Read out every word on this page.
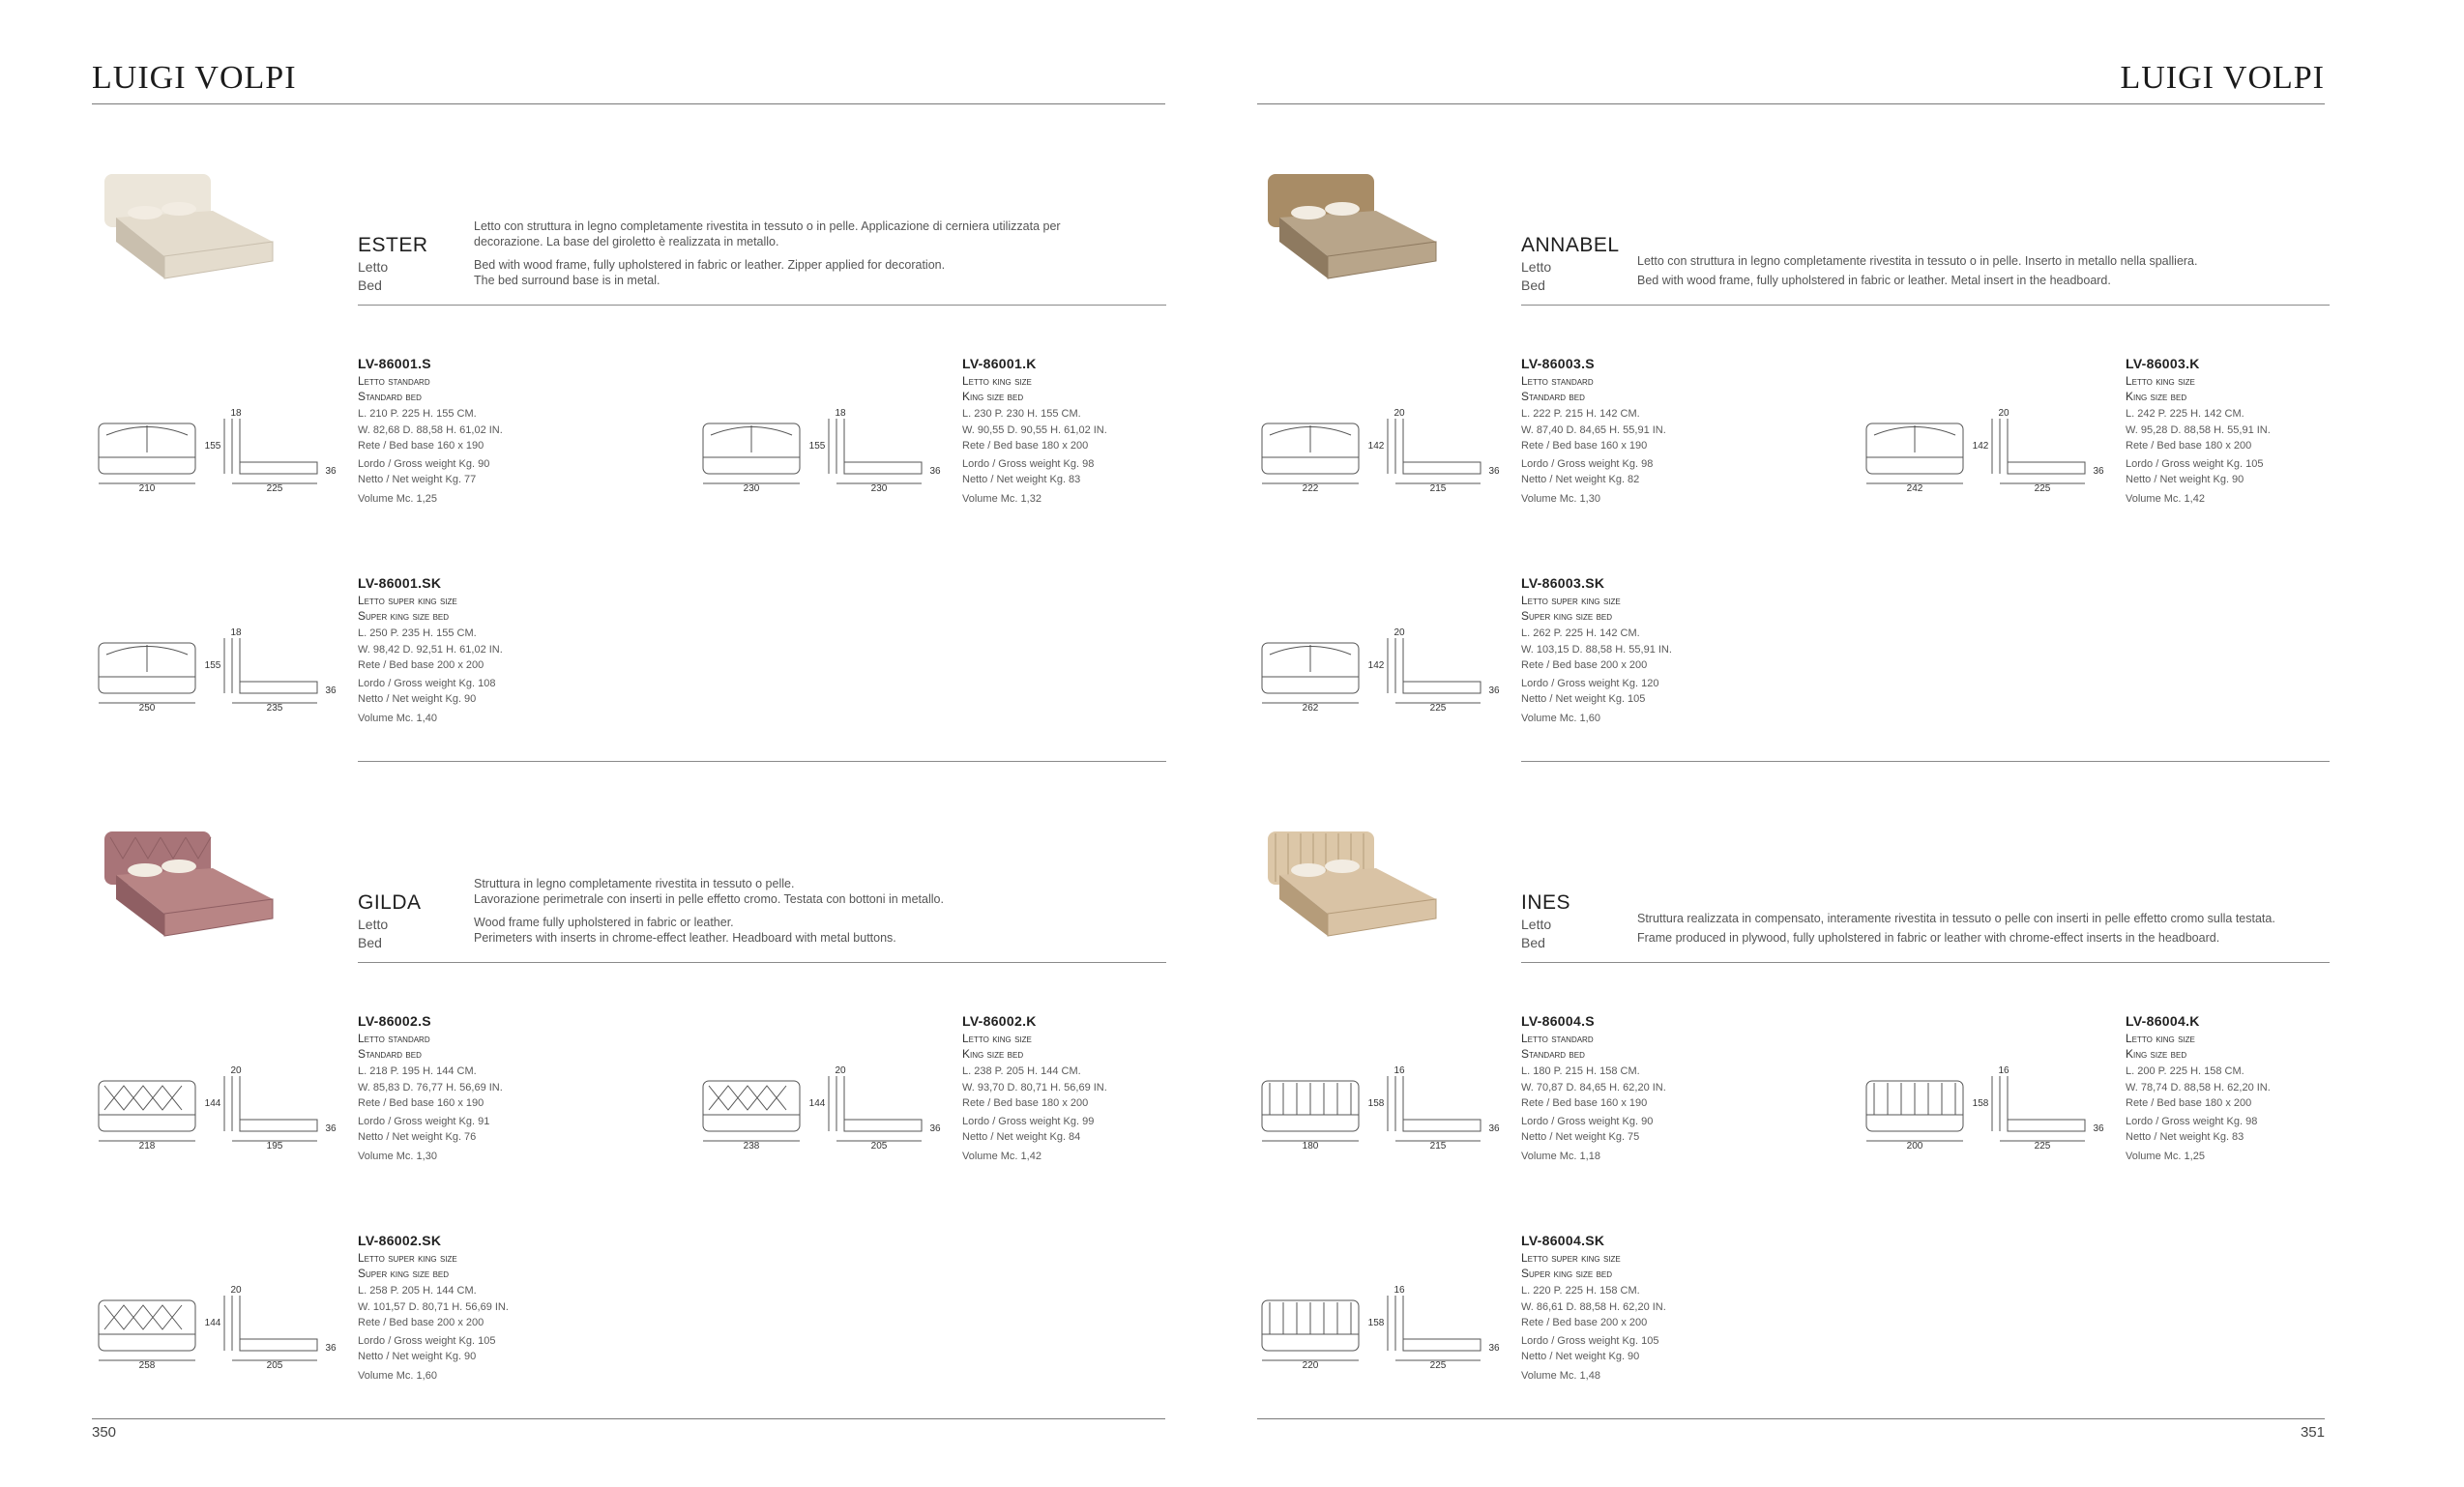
LUIGI VOLPI
350
LUIGI VOLPI
351
ESTER
Letto
Bed
Letto con struttura in legno completamente rivestita in tessuto o in pelle. Applicazione di cerniera utilizzata per
decorazione. La base del giroletto è realizzata in metallo.
Bed with wood frame, fully upholstered in fabric or leather. Zipper applied for decoration.
The bed surround base is in metal.
LV-86001.S
Letto standard
Standard bed
L. 210 P. 225 H. 155 CM.
W. 82,68 D. 88,58 H. 61,02 IN.
Rete / Bed base 160 x 190
Lordo / Gross weight Kg. 90
Netto / Net weight Kg. 77
Volume Mc. 1,25
210
155
18
225
36
LV-86001.K
Letto king size
King size bed
L. 230 P. 230 H. 155 CM.
W. 90,55 D. 90,55 H. 61,02 IN.
Rete / Bed base 180 x 200
Lordo / Gross weight Kg. 98
Netto / Net weight Kg. 83
Volume Mc. 1,32
230
155
18
230
36
LV-86001.SK
Letto super king size
Super king size bed
L. 250 P. 235 H. 155 CM.
W. 98,42 D. 92,51 H. 61,02 IN.
Rete / Bed base 200 x 200
Lordo / Gross weight Kg. 108
Netto / Net weight Kg. 90
Volume Mc. 1,40
250
155
18
235
36
ANNABEL
Letto
Bed
Letto con struttura in legno completamente rivestita in tessuto o in pelle. Inserto in metallo nella spalliera.
Bed with wood frame, fully upholstered in fabric or leather. Metal insert in the headboard.
LV-86003.S
Letto standard
Standard bed
L. 222 P. 215 H. 142 CM.
W. 87,40 D. 84,65 H. 55,91 IN.
Rete / Bed base 160 x 190
Lordo / Gross weight Kg. 98
Netto / Net weight Kg. 82
Volume Mc. 1,30
222
142
20
215
36
LV-86003.K
Letto king size
King size bed
L. 242 P. 225 H. 142 CM.
W. 95,28 D. 88,58 H. 55,91 IN.
Rete / Bed base 180 x 200
Lordo / Gross weight Kg. 105
Netto / Net weight Kg. 90
Volume Mc. 1,42
242
142
20
225
36
LV-86003.SK
Letto super king size
Super king size bed
L. 262 P. 225 H. 142 CM.
W. 103,15 D. 88,58 H. 55,91 IN.
Rete / Bed base 200 x 200
Lordo / Gross weight Kg. 120
Netto / Net weight Kg. 105
Volume Mc. 1,60
262
142
20
225
36
GILDA
Letto
Bed
Struttura in legno completamente rivestita in tessuto o pelle.
Lavorazione perimetrale con inserti in pelle effetto cromo. Testata con bottoni in metallo.
Wood frame fully upholstered in fabric or leather.
Perimeters with inserts in chrome-effect leather. Headboard with metal buttons.
LV-86002.S
Letto standard
Standard bed
L. 218 P. 195 H. 144 CM.
W. 85,83 D. 76,77 H. 56,69 IN.
Rete / Bed base 160 x 190
Lordo / Gross weight Kg. 91
Netto / Net weight Kg. 76
Volume Mc. 1,30
218
144
20
195
36
LV-86002.K
Letto king size
King size bed
L. 238 P. 205 H. 144 CM.
W. 93,70 D. 80,71 H. 56,69 IN.
Rete / Bed base 180 x 200
Lordo / Gross weight Kg. 99
Netto / Net weight Kg. 84
Volume Mc. 1,42
238
144
20
205
36
LV-86002.SK
Letto super king size
Super king size bed
L. 258 P. 205 H. 144 CM.
W. 101,57 D. 80,71 H. 56,69 IN.
Rete / Bed base 200 x 200
Lordo / Gross weight Kg. 105
Netto / Net weight Kg. 90
Volume Mc. 1,60
258
144
20
205
36
INES
Letto
Bed
Struttura realizzata in compensato, interamente rivestita in tessuto o pelle con inserti in pelle effetto cromo sulla testata.
Frame produced in plywood, fully upholstered in fabric or leather with chrome-effect inserts in the headboard.
LV-86004.S
Letto standard
Standard bed
L. 180 P. 215 H. 158 CM.
W. 70,87 D. 84,65 H. 62,20 IN.
Rete / Bed base 160 x 190
Lordo / Gross weight Kg. 90
Netto / Net weight Kg. 75
Volume Mc. 1,18
180
158
16
215
36
LV-86004.K
Letto king size
King size bed
L. 200 P. 225 H. 158 CM.
W. 78,74 D. 88,58 H. 62,20 IN.
Rete / Bed base 180 x 200
Lordo / Gross weight Kg. 98
Netto / Net weight Kg. 83
Volume Mc. 1,25
200
158
16
225
36
LV-86004.SK
Letto super king size
Super king size bed
L. 220 P. 225 H. 158 CM.
W. 86,61 D. 88,58 H. 62,20 IN.
Rete / Bed base 200 x 200
Lordo / Gross weight Kg. 105
Netto / Net weight Kg. 90
Volume Mc. 1,48
220
158
16
225
36
